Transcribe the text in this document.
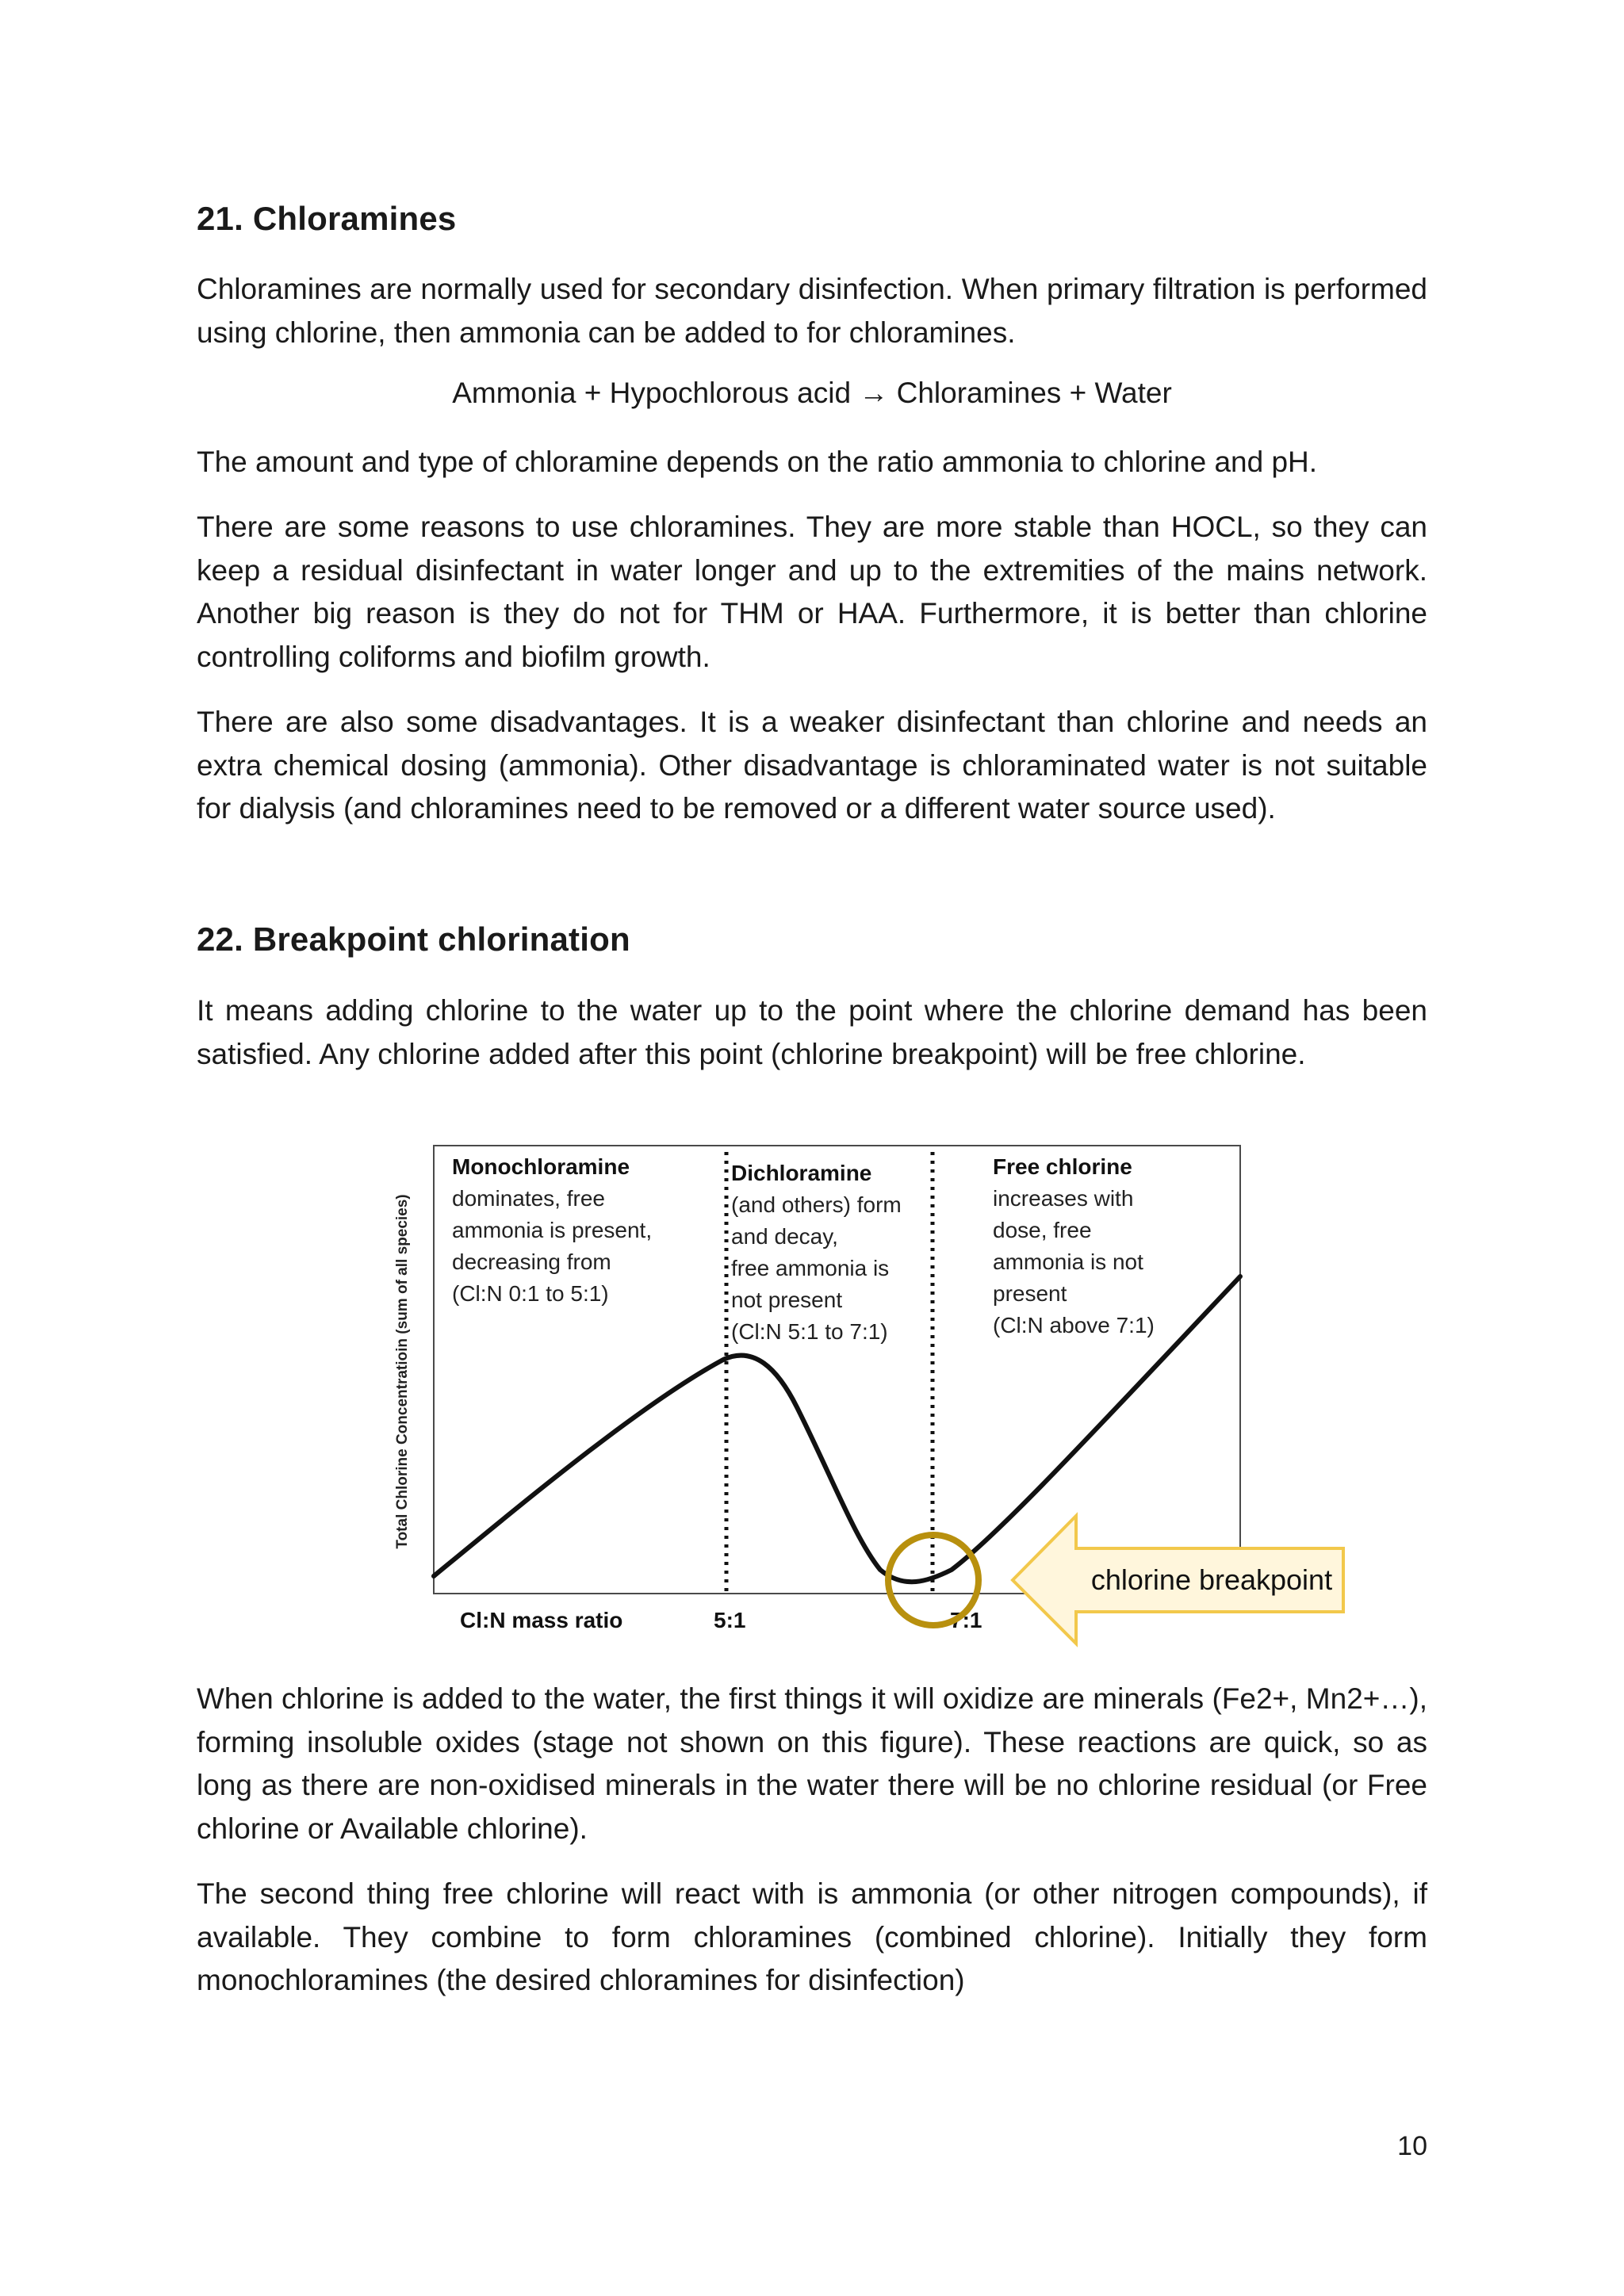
21. Chloramines

Chloramines are normally used for secondary disinfection. When primary filtration is performed using chlorine, then ammonia can be added to for chloramines.

Ammonia + Hypochlorous acid → Chloramines + Water

The amount and type of chloramine depends on the ratio ammonia to chlorine and pH.

There are some reasons to use chloramines. They are more stable than HOCL, so they can keep a residual disinfectant in water longer and up to the extremities of the mains network. Another big reason is they do not for THM or HAA. Furthermore, it is better than chlorine controlling coliforms and biofilm growth.

There are also some disadvantages. It is a weaker disinfectant than chlorine and needs an extra chemical dosing (ammonia). Other disadvantage is chloraminated water is not suitable for dialysis (and chloramines need to be removed or a different water source used).

22. Breakpoint chlorination

It means adding chlorine to the water up to the point where the chlorine demand has been satisfied. Any chlorine added after this point (chlorine breakpoint) will be free chlorine.

Total Chlorine Concentratioin (sum of all species)
Monochloramine
dominates, free ammonia is present, decreasing from (Cl:N 0:1 to 5:1)
Dichloramine
(and others) form and decay, free ammonia is not present (Cl:N 5:1 to 7:1)
Free chlorine
increases with dose, free ammonia is not present (Cl:N above 7:1)
Cl:N mass ratio	5:1	7:1
chlorine breakpoint

When chlorine is added to the water, the first things it will oxidize are minerals (Fe2+, Mn2+…), forming insoluble oxides (stage not shown on this figure). These reactions are quick, so as long as there are non-oxidised minerals in the water there will be no chlorine residual (or Free chlorine or Available chlorine).

The second thing free chlorine will react with is ammonia (or other nitrogen compounds), if available. They combine to form chloramines (combined chlorine). Initially they form monochloramines (the desired chloramines for disinfection)

10
